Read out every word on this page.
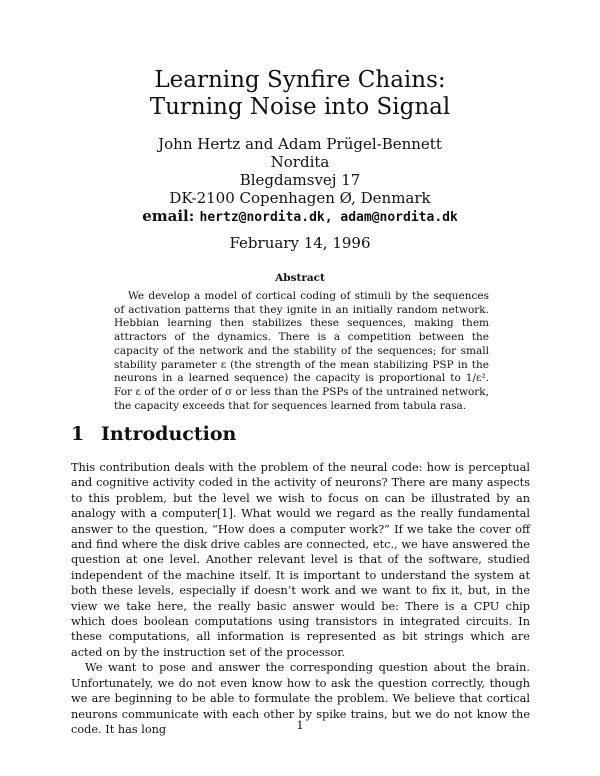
Learning Synfire Chains:
Turning Noise into Signal
John Hertz and Adam Prügel-Bennett
Nordita
Blegdamsvej 17
DK-2100 Copenhagen Ø, Denmark
email: hertz@nordita.dk, adam@nordita.dk
February 14, 1996
Abstract

We develop a model of cortical coding of stimuli by the sequences of activation patterns that they ignite in an initially random network. Hebbian learning then stabilizes these sequences, making them attractors of the dynamics. There is a competition between the capacity of the network and the stability of the sequences; for small stability parameter ε (the strength of the mean stabilizing PSP in the neurons in a learned sequence) the capacity is proportional to 1/ε². For ε of the order of σ or less than the PSPs of the untrained network, the capacity exceeds that for sequences learned from tabula rasa.

1 Introduction

This contribution deals with the problem of the neural code: how is perceptual and cognitive activity coded in the activity of neurons? There are many aspects to this problem, but the level we wish to focus on can be illustrated by an analogy with a computer[1]. What would we regard as the really fundamental answer to the question, “How does a computer work?” If we take the cover off and find where the disk drive cables are connected, etc., we have answered the question at one level. Another relevant level is that of the software, studied independent of the machine itself. It is important to understand the system at both these levels, especially if doesn’t work and we want to fix it, but, in the view we take here, the really basic answer would be: There is a CPU chip which does boolean computations using transistors in integrated circuits. In these computations, all information is represented as bit strings which are acted on by the instruction set of the processor.

We want to pose and answer the corresponding question about the brain. Unfortunately, we do not even know how to ask the question correctly, though we are beginning to be able to formulate the problem. We believe that cortical neurons communicate with each other by spike trains, but we do not know the code. It has long	1
